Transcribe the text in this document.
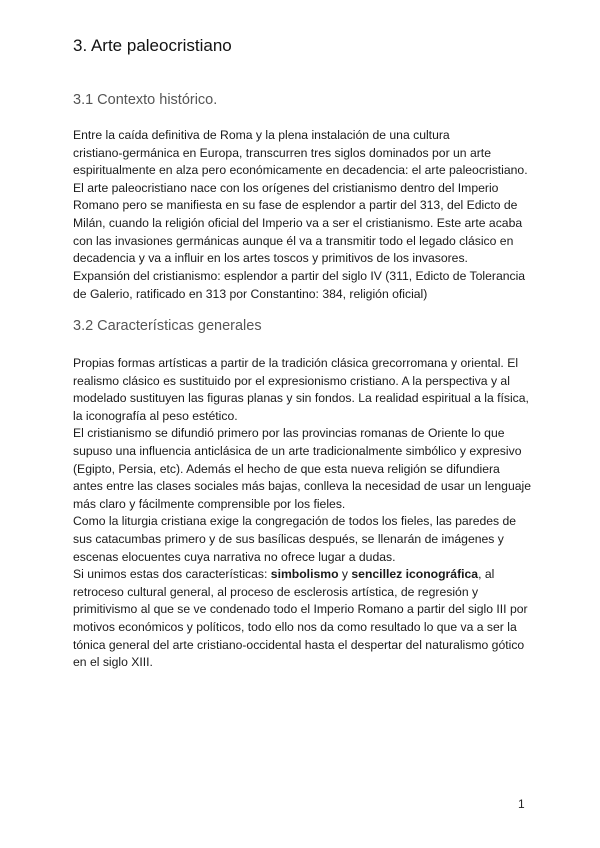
3. Arte paleocristiano
3.1 Contexto histórico.

Entre la caída definitiva de Roma y la plena instalación de una cultura

cristiano-germánica en Europa, transcurren tres siglos dominados por un arte

espiritualmente en alza pero económicamente en decadencia: el arte paleocristiano.

El arte paleocristiano nace con los orígenes del cristianismo dentro del Imperio

Romano pero se manifiesta en su fase de esplendor a partir del 313, del Edicto de

Milán, cuando la religión oficial del Imperio va a ser el cristianismo. Este arte acaba

con las invasiones germánicas aunque él va a transmitir todo el legado clásico en

decadencia y va a influir en los artes toscos y primitivos de los invasores.

Expansión del cristianismo: esplendor a partir del siglo IV (311, Edicto de Tolerancia

de Galerio, ratificado en 313 por Constantino: 384, religión oficial)

3.2 Características generales

Propias formas artísticas a partir de la tradición clásica grecorromana y oriental. El

realismo clásico es sustituido por el expresionismo cristiano. A la perspectiva y al

modelado sustituyen las figuras planas y sin fondos. La realidad espiritual a la física,

la iconografía al peso estético.

El cristianismo se difundió primero por las provincias romanas de Oriente lo que

supuso una influencia anticlásica de un arte tradicionalmente simbólico y expresivo

(Egipto, Persia, etc). Además el hecho de que esta nueva religión se difundiera

antes entre las clases sociales más bajas, conlleva la necesidad de usar un lenguaje

más claro y fácilmente comprensible por los fieles.

Como la liturgia cristiana exige la congregación de todos los fieles, las paredes de

sus catacumbas primero y de sus basílicas después, se llenarán de imágenes y

escenas elocuentes cuya narrativa no ofrece lugar a dudas.

Si unimos estas dos características: simbolismo y sencillez iconográfica, al

retroceso cultural general, al proceso de esclerosis artística, de regresión y

primitivismo al que se ve condenado todo el Imperio Romano a partir del siglo III por

motivos económicos y políticos, todo ello nos da como resultado lo que va a ser la

tónica general del arte cristiano-occidental hasta el despertar del naturalismo gótico

en el siglo XIII.

1
